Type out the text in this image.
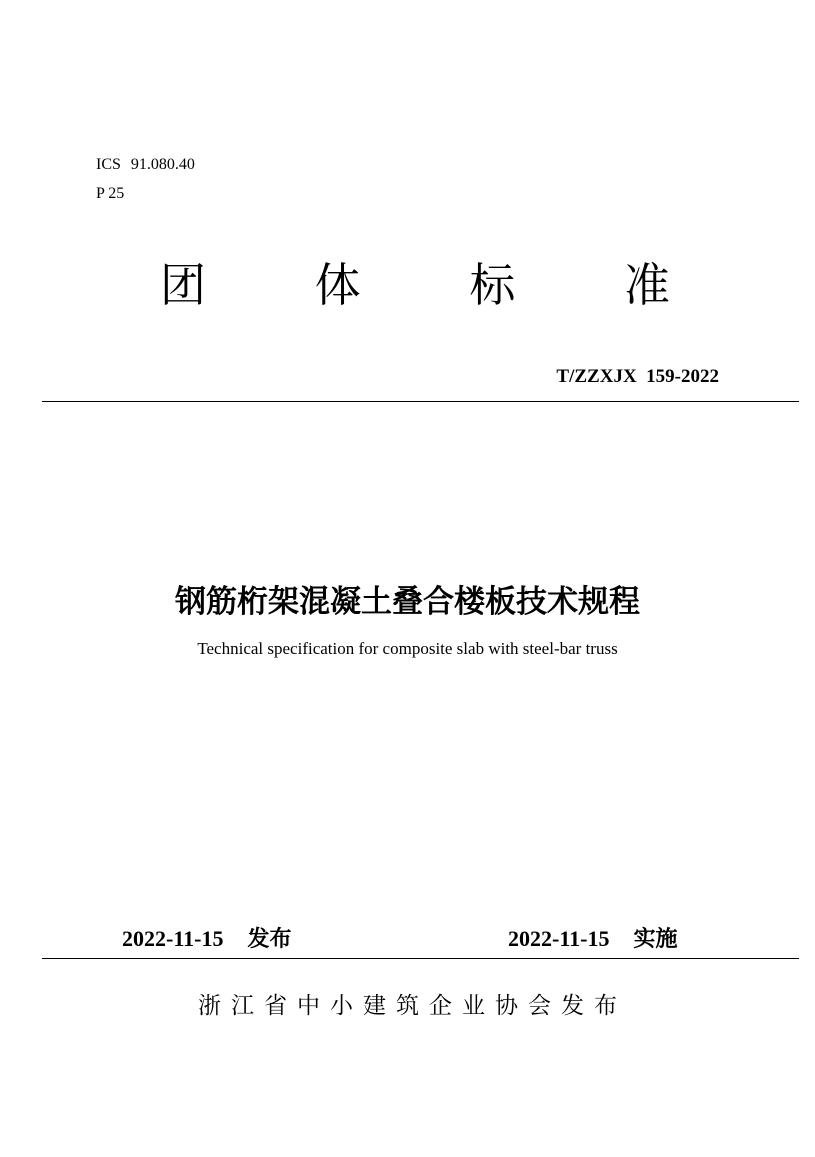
ICS 91.080.40
P 25
团 体 标 准
T/ZZXJX  159-2022
钢筋桁架混凝土叠合楼板技术规程
Technical specification for composite slab with steel-bar truss
2022-11-15 发布	2022-11-15 实施
浙江省中小建筑企业协会发布
